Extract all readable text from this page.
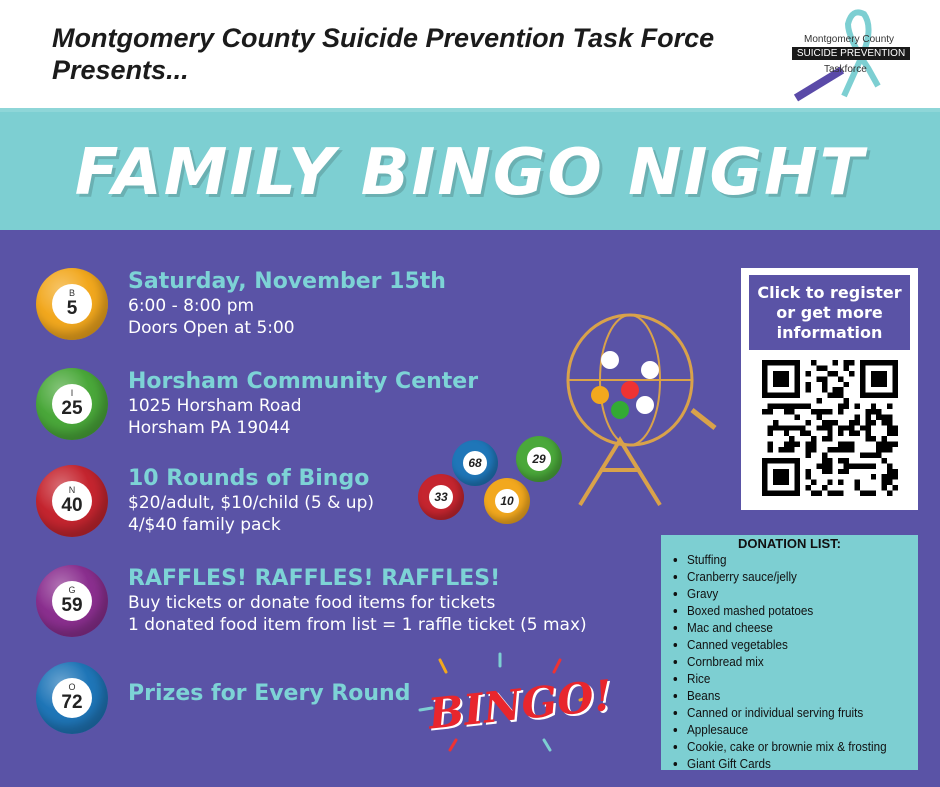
Montgomery County Suicide Prevention Task Force Presents...
Montgomery County
SUICIDE PREVENTION
Taskforce
FAMILY BINGO NIGHT
B
5
Saturday, November 15th
6:00 - 8:00 pm
Doors Open at 5:00
I
25
Horsham Community Center
1025 Horsham Road
Horsham PA 19044
N
40
10 Rounds of Bingo
$20/adult, $10/child (5 & up)
4/$40 family pack
G
59
RAFFLES! RAFFLES! RAFFLES!
Buy tickets or donate food items for tickets
1 donated food item from list = 1 raffle ticket (5 max)
O
72	Prizes for Every Round
68	29
33	10
BINGO!
Click to register or get more information
DONATION LIST:
• Stuffing
• Cranberry sauce/jelly
• Gravy
• Boxed mashed potatoes
• Mac and cheese
• Canned vegetables
• Cornbread mix
• Rice
• Beans
• Canned or individual serving fruits
• Applesauce
• Cookie, cake or brownie mix & frosting
• Giant Gift Cards
